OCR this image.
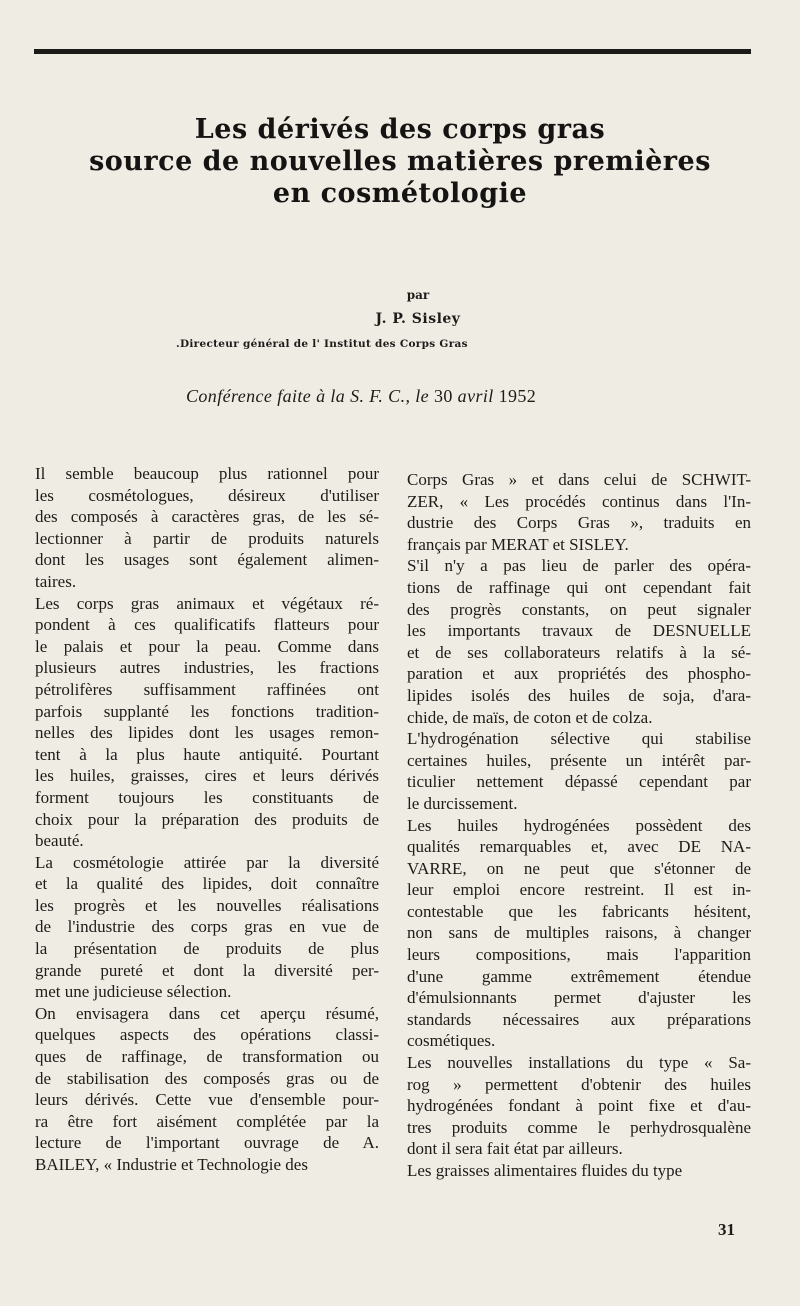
Les dérivés des corps gras
source de nouvelles matières premières
en cosmétologie
par
J. P. Sisley
.Directeur général de l' Institut des Corps Gras
Conférence faite à la S. F. C., le 30 avril 1952
Il semble beaucoup plus rationnel pour
les cosmétologues, désireux d'utiliser
des composés à caractères gras, de les sé-
lectionner à partir de produits naturels
dont les usages sont également alimen-
taires.
Les corps gras animaux et végétaux ré-
pondent à ces qualificatifs flatteurs pour
le palais et pour la peau. Comme dans
plusieurs autres industries, les fractions
pétrolifères suffisamment raffinées ont
parfois supplanté les fonctions tradition-
nelles des lipides dont les usages remon-
tent à la plus haute antiquité. Pourtant
les huiles, graisses, cires et leurs dérivés
forment toujours les constituants de
choix pour la préparation des produits de
beauté.
La cosmétologie attirée par la diversité
et la qualité des lipides, doit connaître
les progrès et les nouvelles réalisations
de l'industrie des corps gras en vue de
la présentation de produits de plus
grande pureté et dont la diversité per-
met une judicieuse sélection.
On envisagera dans cet aperçu résumé,
quelques aspects des opérations classi-
ques de raffinage, de transformation ou
de stabilisation des composés gras ou de
leurs dérivés. Cette vue d'ensemble pour-
ra être fort aisément complétée par la
lecture de l'important ouvrage de A.
BAILEY, « Industrie et Technologie des
Corps Gras » et dans celui de SCHWIT-
ZER, « Les procédés continus dans l'In-
dustrie des Corps Gras », traduits en
français par MERAT et SISLEY.
S'il n'y a pas lieu de parler des opéra-
tions de raffinage qui ont cependant fait
des progrès constants, on peut signaler
les importants travaux de DESNUELLE
et de ses collaborateurs relatifs à la sé-
paration et aux propriétés des phospho-
lipides isolés des huiles de soja, d'ara-
chide, de maïs, de coton et de colza.
L'hydrogénation sélective qui stabilise
certaines huiles, présente un intérêt par-
ticulier nettement dépassé cependant par
le durcissement.
Les huiles hydrogénées possèdent des
qualités remarquables et, avec DE NA-
VARRE, on ne peut que s'étonner de
leur emploi encore restreint. Il est in-
contestable que les fabricants hésitent,
non sans de multiples raisons, à changer
leurs compositions, mais l'apparition
d'une gamme extrêmement étendue
d'émulsionnants permet d'ajuster les
standards nécessaires aux préparations
cosmétiques.
Les nouvelles installations du type « Sa-
rog » permettent d'obtenir des huiles
hydrogénées fondant à point fixe et d'au-
tres produits comme le perhydrosqualène
dont il sera fait état par ailleurs.
Les graisses alimentaires fluides du type
31
